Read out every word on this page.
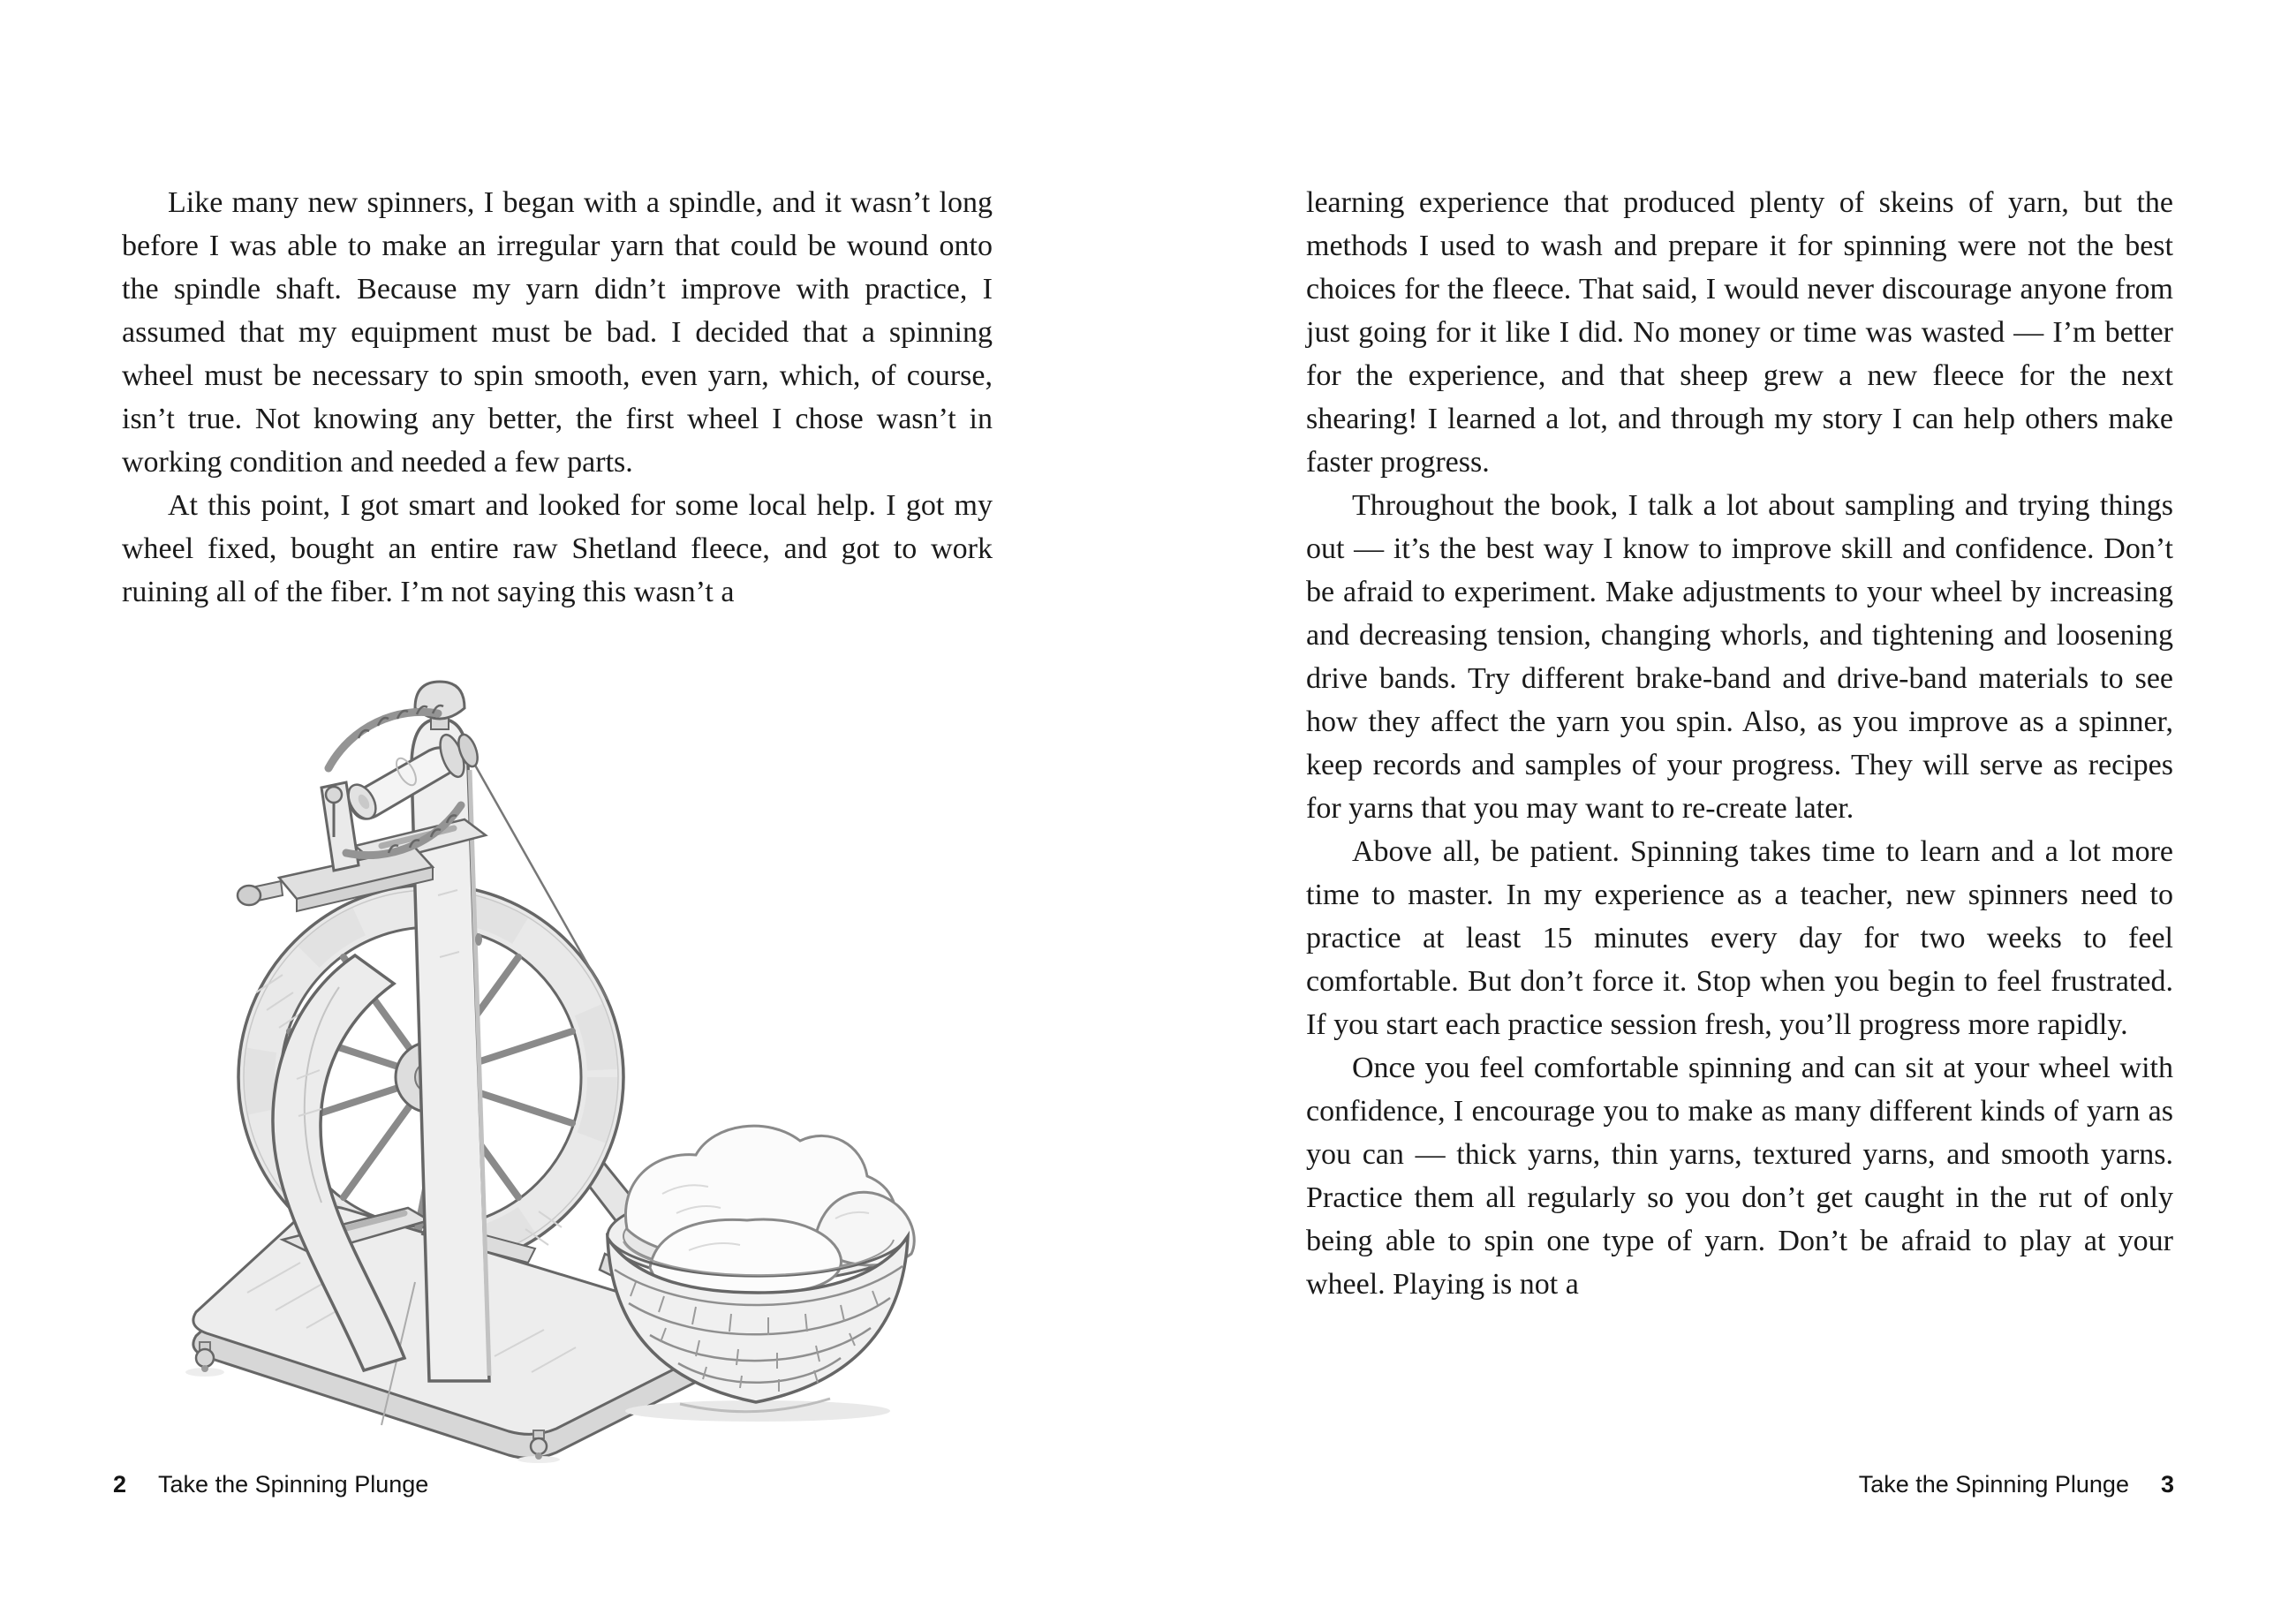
Like many new spinners, I began with a spindle, and it wasn’t long before I was able to make an irregular yarn that could be wound onto the spindle shaft. Because my yarn didn’t improve with practice, I assumed that my equipment must be bad. I decided that a spinning wheel must be necessary to spin smooth, even yarn, which, of course, isn’t true. Not knowing any better, the first wheel I chose wasn’t in working condition and needed a few parts.

At this point, I got smart and looked for some local help. I got my wheel fixed, bought an entire raw Shetland fleece, and got to work ruining all of the fiber. I’m not saying this wasn’t a

2 Take the Spinning Plunge

learning experience that produced plenty of skeins of yarn, but the methods I used to wash and prepare it for spinning were not the best choices for the fleece. That said, I would never discourage anyone from just going for it like I did. No money or time was wasted — I’m better for the experience, and that sheep grew a new fleece for the next shearing! I learned a lot, and through my story I can help others make faster progress.

Throughout the book, I talk a lot about sampling and trying things out — it’s the best way I know to improve skill and confidence. Don’t be afraid to experiment. Make adjustments to your wheel by increasing and decreasing tension, changing whorls, and tightening and loosening drive bands. Try different brake-band and drive-band materials to see how they affect the yarn you spin. Also, as you improve as a spinner, keep records and samples of your progress. They will serve as recipes for yarns that you may want to re-create later.

Above all, be patient. Spinning takes time to learn and a lot more time to master. In my experience as a teacher, new spinners need to practice at least 15 minutes every day for two weeks to feel comfortable. But don’t force it. Stop when you begin to feel frustrated. If you start each practice session fresh, you’ll progress more rapidly.

Once you feel comfortable spinning and can sit at your wheel with confidence, I encourage you to make as many different kinds of yarn as you can — thick yarns, thin yarns, textured yarns, and smooth yarns. Practice them all regularly so you don’t get caught in the rut of only being able to spin one type of yarn. Don’t be afraid to play at your wheel. Playing is not a

Take the Spinning Plunge 3
